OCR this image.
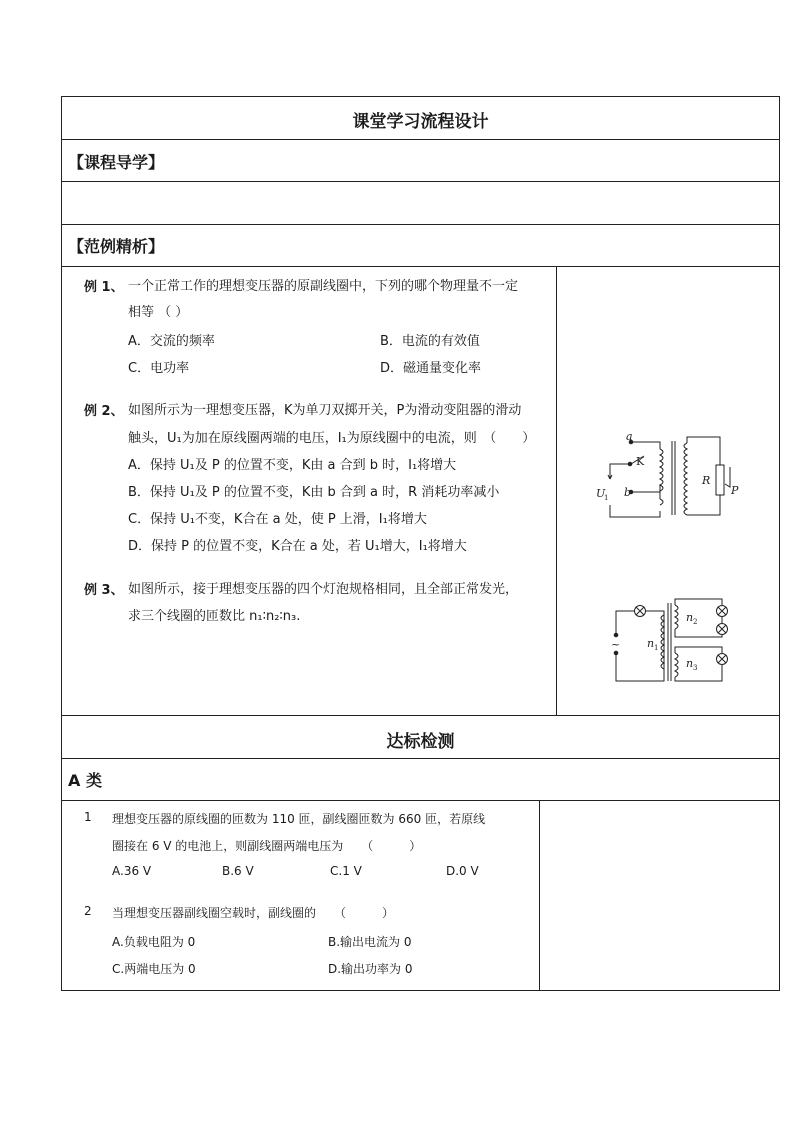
课堂学习流程设计
【课程导学】
【范例精析】
例 1、 一个正常工作的理想变压器的原副线圈中，下列的哪个物理量不一定
相等 （ ）
A．交流的频率	B．电流的有效值
C．电功率	D．磁通量变化率
例 2、 如图所示为一理想变压器，K为单刀双掷开关，P为滑动变阻器的滑动
触头，U₁为加在原线圈两端的电压，I₁为原线圈中的电流，则　（　　）
A．保持 U₁及 P 的位置不变，K由 a 合到 b 时，I₁将增大
B．保持 U₁及 P 的位置不变，K由 b 合到 a 时，R 消耗功率减小
C．保持 U₁不变，K合在 a 处，使 P 上滑，I₁将增大
D．保持 P 的位置不变，K合在 a 处，若 U₁增大，I₁将增大
例 3、 如图所示，接于理想变压器的四个灯泡规格相同，且全部正常发光，
求三个线圈的匝数比 n₁∶n₂∶n₃.
a
K
b
U
1
R
P
~
n 2
n 1
n 3
达标检测
A 类
1 理想变压器的原线圈的匝数为 110 匝，副线圈匝数为 660 匝，若原线
圈接在 6 V 的电池上，则副线圈两端电压为　　（　　　）
A.36 V	B.6 V	C.1 V	D.0 V
2 当理想变压器副线圈空载时，副线圈的　　（　　　）
A.负载电阻为 0	B.输出电流为 0
C.两端电压为 0	D.输出功率为 0
